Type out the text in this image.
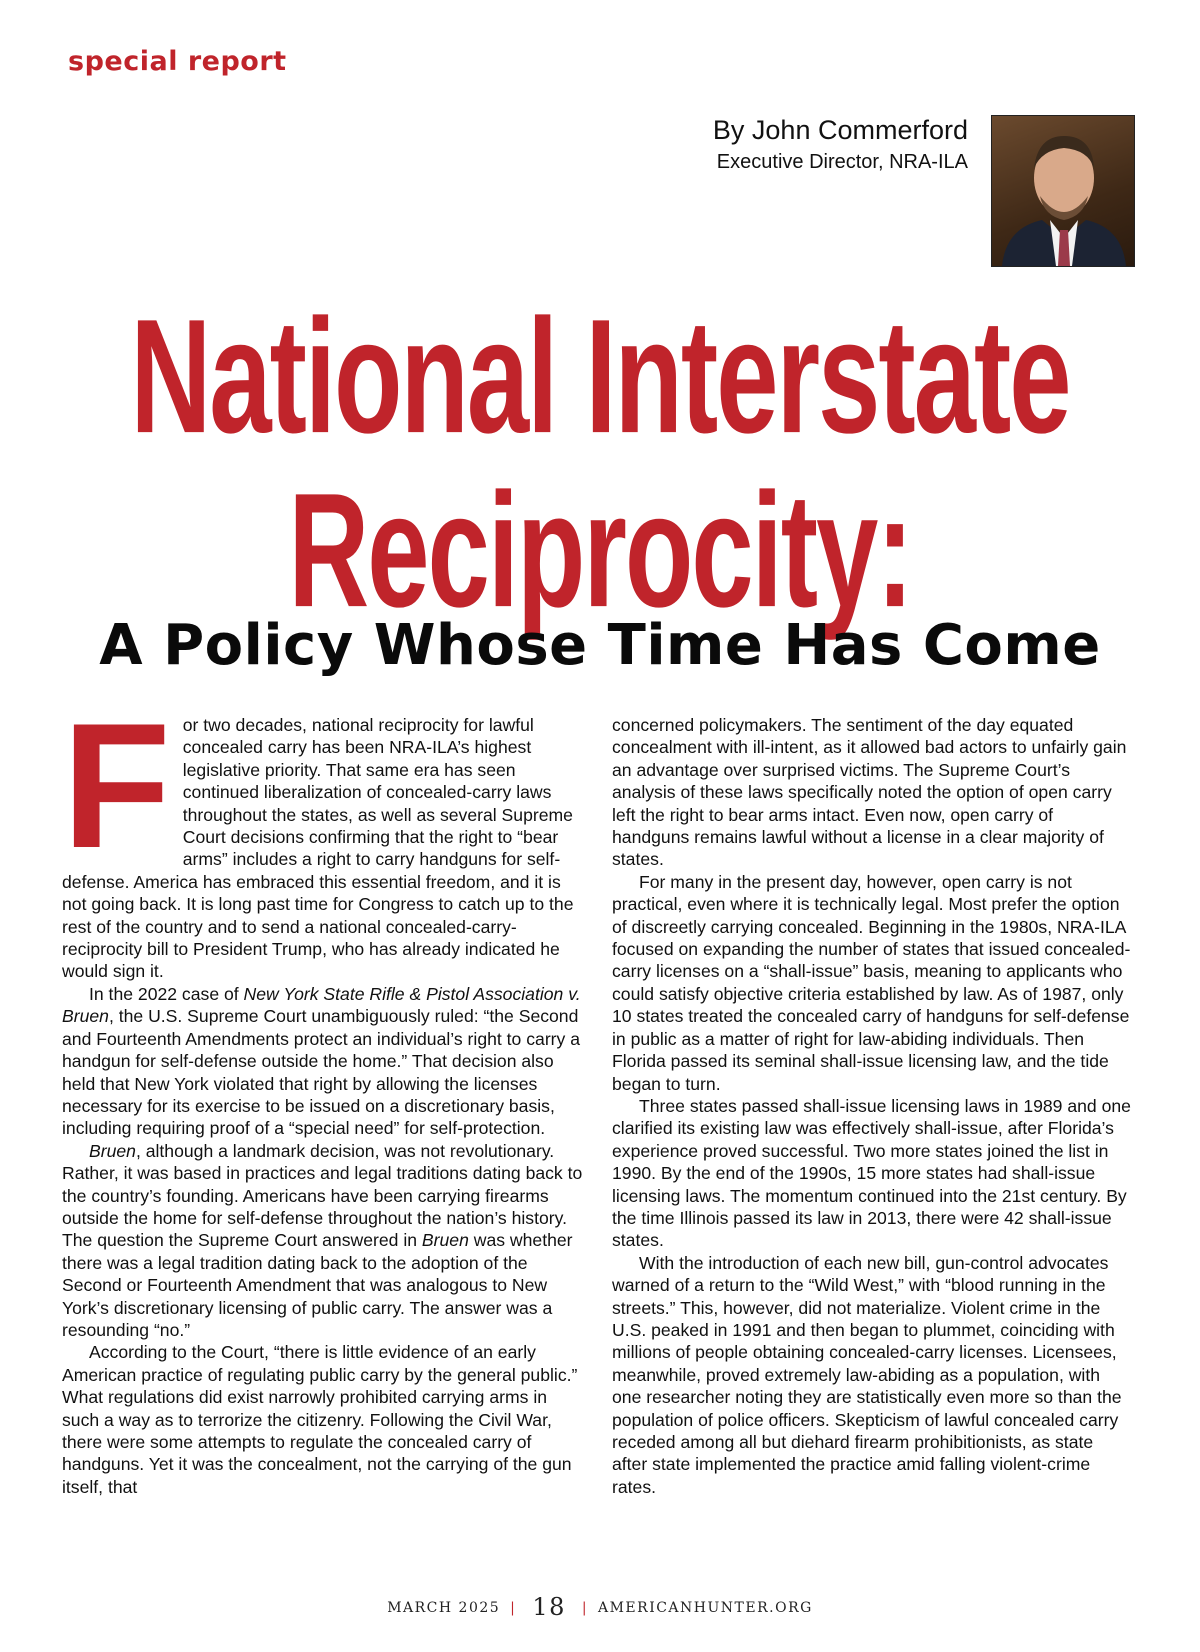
special report
By John Commerford
Executive Director, NRA-ILA
National Interstate
Reciprocity:
A Policy Whose Time Has Come
F or two decades, national reciprocity for lawful concealed carry has been NRA-ILA’s highest legislative priority. That same era has seen continued liberalization of concealed-carry laws throughout the states, as well as several Supreme Court decisions confirming that the right to “bear arms” includes a right to carry handguns for self-defense. America has embraced this essential freedom, and it is not going back. It is long past time for Congress to catch up to the rest of the country and to send a national concealed-carry-reciprocity bill to President Trump, who has already indicated he would sign it.

In the 2022 case of New York State Rifle & Pistol Association v. Bruen, the U.S. Supreme Court unambiguously ruled: “the Second and Fourteenth Amendments protect an individual’s right to carry a handgun for self-defense outside the home.” That decision also held that New York violated that right by allowing the licenses necessary for its exercise to be issued on a discretionary basis, including requiring proof of a “special need” for self-protection.

Bruen, although a landmark decision, was not revolutionary. Rather, it was based in practices and legal traditions dating back to the country’s founding. Americans have been carrying firearms outside the home for self-defense throughout the nation’s history. The question the Supreme Court answered in Bruen was whether there was a legal tradition dating back to the adoption of the Second or Fourteenth Amendment that was analogous to New York’s discretionary licensing of public carry. The answer was a resounding “no.”

According to the Court, “there is little evidence of an early American practice of regulating public carry by the general public.” What regulations did exist narrowly prohibited carrying arms in such a way as to terrorize the citizenry. Following the Civil War, there were some attempts to regulate the concealed carry of handguns. Yet it was the concealment, not the carrying of the gun itself, that

concerned policymakers. The sentiment of the day equated concealment with ill-intent, as it allowed bad actors to unfairly gain an advantage over surprised victims. The Supreme Court’s analysis of these laws specifically noted the option of open carry left the right to bear arms intact. Even now, open carry of handguns remains lawful without a license in a clear majority of states.

For many in the present day, however, open carry is not practical, even where it is technically legal. Most prefer the option of discreetly carrying concealed. Beginning in the 1980s, NRA-ILA focused on expanding the number of states that issued concealed-carry licenses on a “shall-issue” basis, meaning to applicants who could satisfy objective criteria established by law. As of 1987, only 10 states treated the concealed carry of handguns for self-defense in public as a matter of right for law-abiding individuals. Then Florida passed its seminal shall-issue licensing law, and the tide began to turn.

Three states passed shall-issue licensing laws in 1989 and one clarified its existing law was effectively shall-issue, after Florida’s experience proved successful. Two more states joined the list in 1990. By the end of the 1990s, 15 more states had shall-issue licensing laws. The momentum continued into the 21st century. By the time Illinois passed its law in 2013, there were 42 shall-issue states.

With the introduction of each new bill, gun-control advocates warned of a return to the “Wild West,” with “blood running in the streets.” This, however, did not materialize. Violent crime in the U.S. peaked in 1991 and then began to plummet, coinciding with millions of people obtaining concealed-carry licenses. Licensees, meanwhile, proved extremely law-abiding as a population, with one researcher noting they are statistically even more so than the population of police officers. Skepticism of lawful concealed carry receded among all but diehard firearm prohibitionists, as state after state implemented the practice amid falling violent-crime rates.

MARCH 2025 | 18 | AMERICANHUNTER.ORG
